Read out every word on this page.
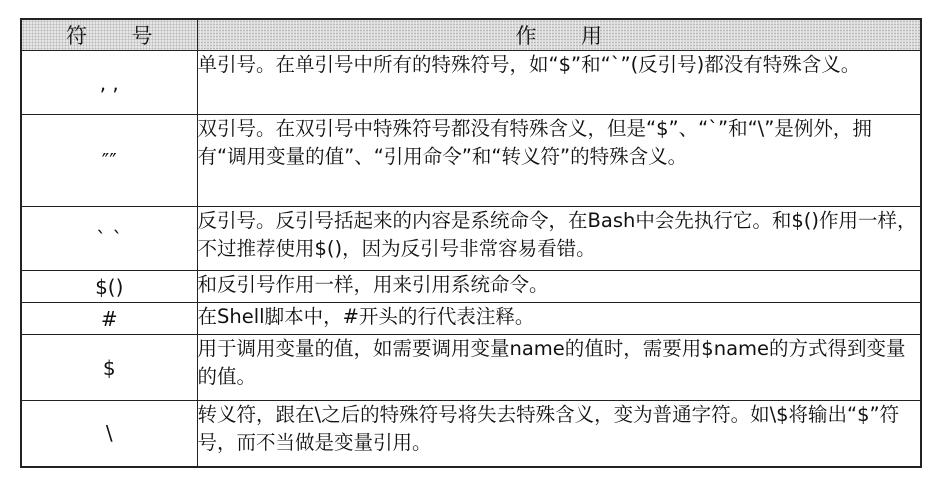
符 号	作 用
, ,	单引号。在单引号中所有的特殊符号，如“$”和“`”(反引号)都没有特殊含义。
″″	双引号。在双引号中特殊符号都没有特殊含义，但是“$”、“`”和“\”是例外，拥有“调用变量的值”、“引用命令”和“转义符”的特殊含义。
` `	反引号。反引号括起来的内容是系统命令，在Bash中会先执行它。和$()作用一样，不过推荐使用$()，因为反引号非常容易看错。
$()	和反引号作用一样，用来引用系统命令。
#	在Shell脚本中，#开头的行代表注释。
$	用于调用变量的值，如需要调用变量name的值时，需要用$name的方式得到变量的值。
\	转义符，跟在\之后的特殊符号将失去特殊含义，变为普通字符。如\$将输出“$”符号，而不当做是变量引用。
